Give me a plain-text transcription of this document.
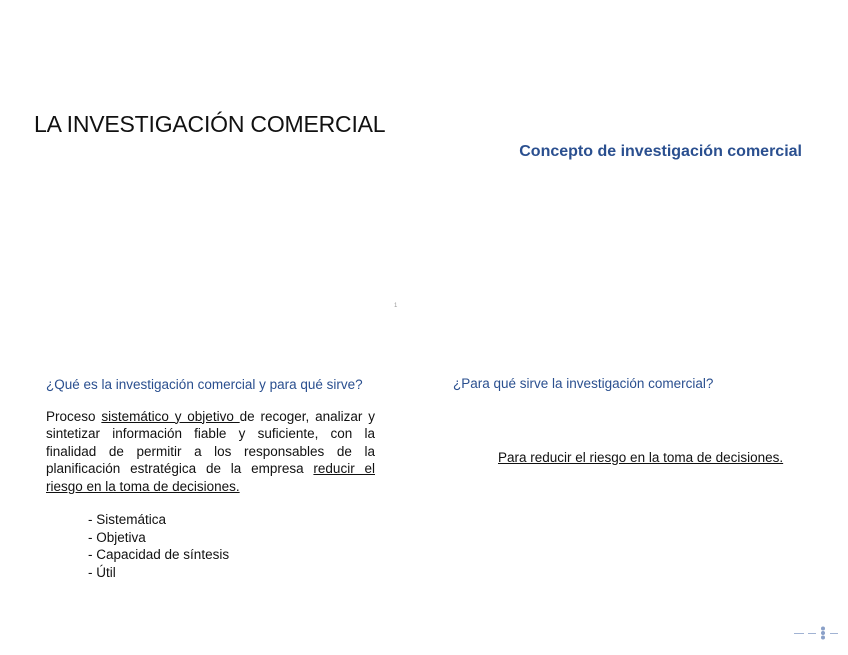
LA INVESTIGACIÓN COMERCIAL
Concepto de investigación comercial
1

¿Qué es la investigación comercial y para qué sirve?

Proceso sistemático y objetivo de recoger, analizar y sintetizar información fiable y suficiente, con la finalidad de permitir a los responsables de la planificación estratégica de la empresa reducir el riesgo en la toma de decisiones.

- Sistemática
- Objetiva
- Capacidad de síntesis
- Útil
¿Para qué sirve la investigación comercial?
Para reducir el riesgo en la toma de decisiones.
